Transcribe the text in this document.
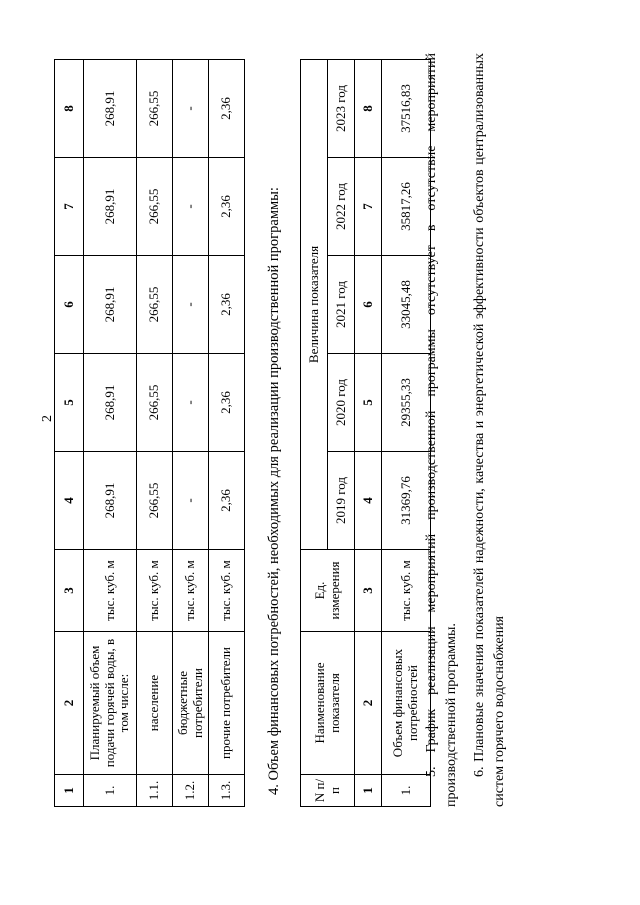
2
1	2	3	4	5	6	7	8
1.	Планируемый объем подачи горячей воды, в том числе:	тыс. куб. м	268,91	268,91	268,91	268,91	268,91
1.1.	население	тыс. куб. м	266,55	266,55	266,55	266,55	266,55
1.2.	бюджетные потребители	тыс. куб. м	-	-	-	-	-
1.3.	прочие потребители	тыс. куб. м	2,36	2,36	2,36	2,36	2,36
4. Объем финансовых потребностей, необходимых для реализации производственной программы: N п/п	Наименование показателя	Ед. измерения	Величина показателя				
			2019 год	2020 год	2021 год	2022 год	2023 год
1	2	3	4	5	6	7	8
1.	Объем финансовых потребностей	тыс. куб. м	31369,76	29355,33	33045,48	35817,26	37516,83 5. График реализации мероприятий производственной программы отсутствует в отсутствие мероприятий производственной программы. 6. Плановые значения показателей надежности, качества и энергетической эффективности объектов централизованных систем горячего водоснабжения
